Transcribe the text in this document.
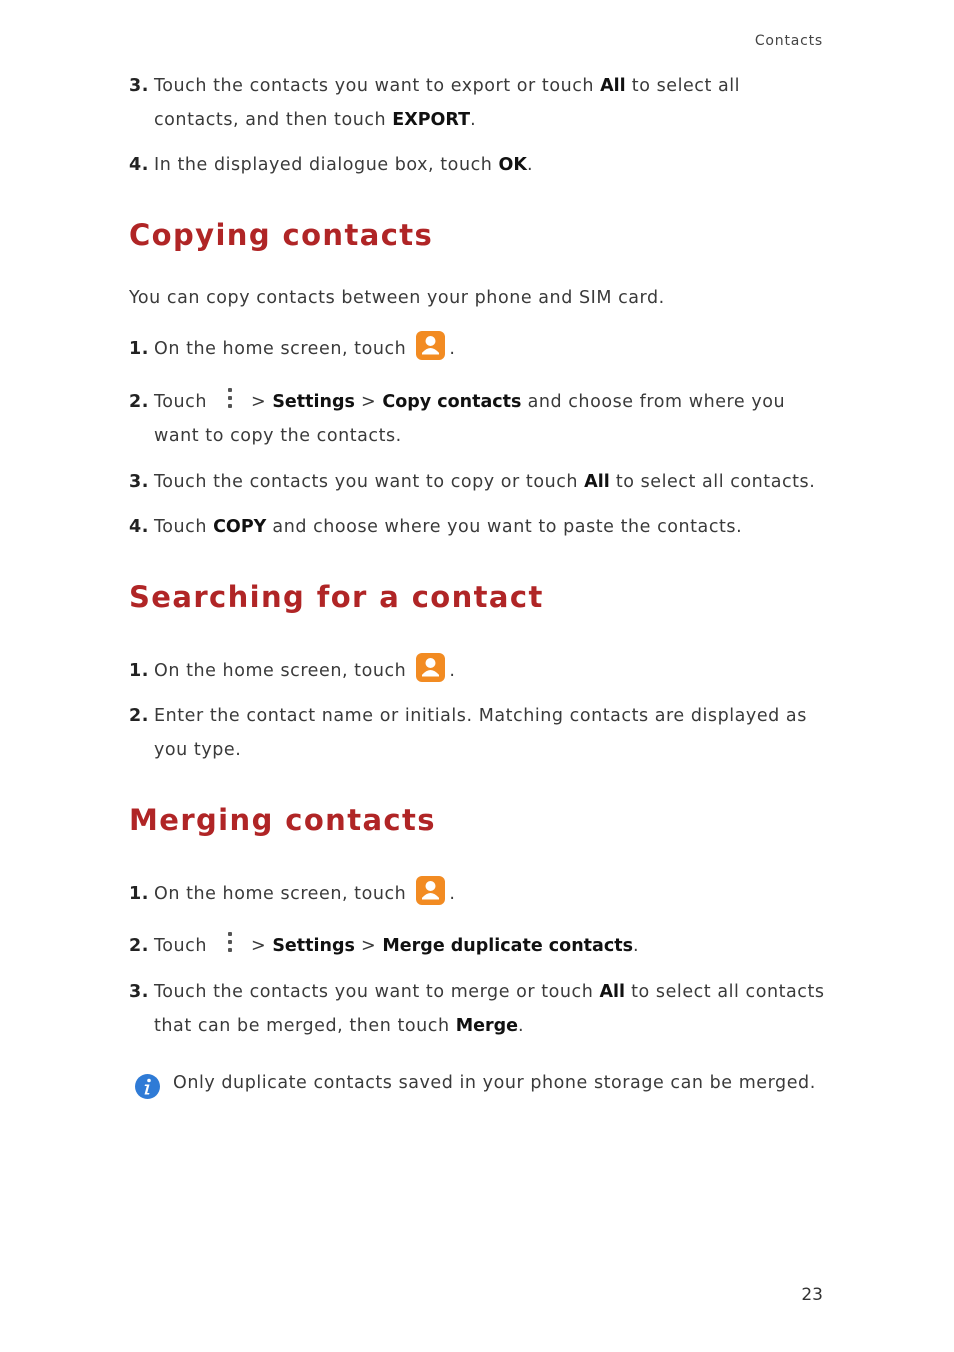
Contacts
3. Touch the contacts you want to export or touch All to select all contacts, and then touch EXPORT.
4. In the displayed dialogue box, touch OK.
Copying contacts
You can copy contacts between your phone and SIM card.
1. On the home screen, touch .
2. Touch	> Settings > Copy contacts and choose from where you want to copy the contacts.
3. Touch the contacts you want to copy or touch All to select all contacts.
4. Touch COPY and choose where you want to paste the contacts.
Searching for a contact
1. On the home screen, touch .
2. Enter the contact name or initials. Matching contacts are displayed as you type.
Merging contacts
1. On the home screen, touch .
2. Touch	> Settings > Merge duplicate contacts.
3. Touch the contacts you want to merge or touch All to select all contacts that can be merged, then touch Merge.
Only duplicate contacts saved in your phone storage can be merged.
23
